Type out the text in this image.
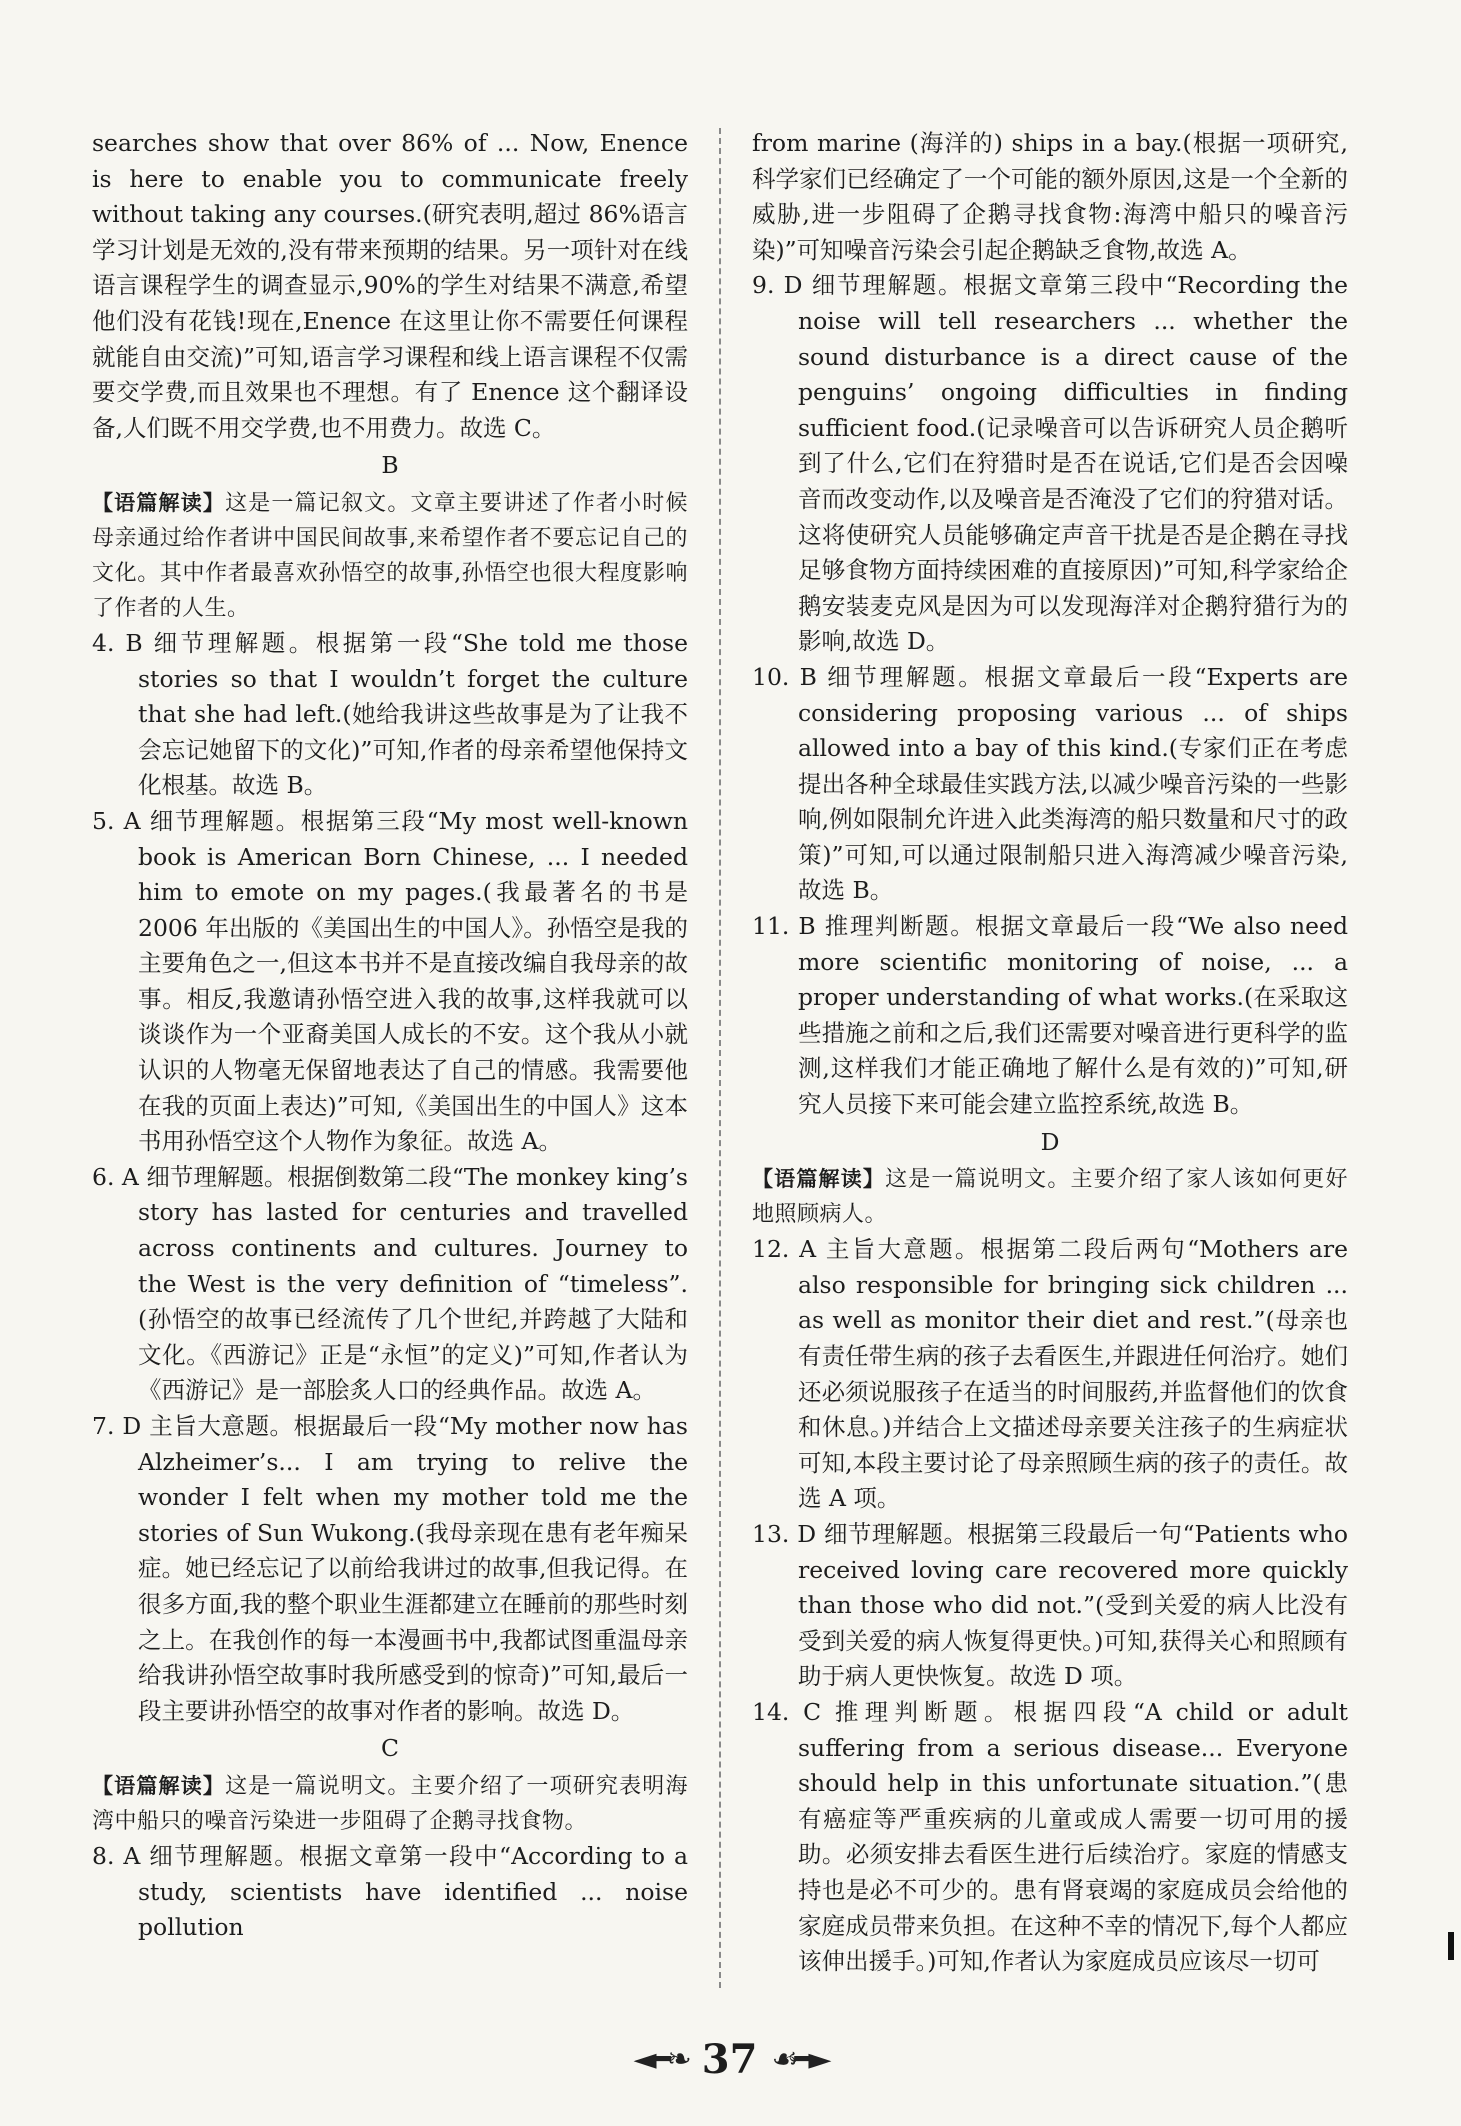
searches show that over 86% of ... Now, Enence is here to enable you to communicate freely without taking any courses.(研究表明,超过 86%语言学习计划是无效的,没有带来预期的结果。另一项针对在线语言课程学生的调查显示,90%的学生对结果不满意,希望他们没有花钱!现在,Enence 在这里让你不需要任何课程就能自由交流)”可知,语言学习课程和线上语言课程不仅需要交学费,而且效果也不理想。有了 Enence 这个翻译设备,人们既不用交学费,也不用费力。故选 C。

B

【语篇解读】这是一篇记叙文。文章主要讲述了作者小时候母亲通过给作者讲中国民间故事,来希望作者不要忘记自己的文化。其中作者最喜欢孙悟空的故事,孙悟空也很大程度影响了作者的人生。

4. B 细节理解题。根据第一段“She told me those stories so that I wouldn’t forget the culture that she had left.(她给我讲这些故事是为了让我不会忘记她留下的文化)”可知,作者的母亲希望他保持文化根基。故选 B。

5. A 细节理解题。根据第三段“My most well-known book is American Born Chinese, ... I needed him to emote on my pages.(我最著名的书是 2006 年出版的《美国出生的中国人》。孙悟空是我的主要角色之一,但这本书并不是直接改编自我母亲的故事。相反,我邀请孙悟空进入我的故事,这样我就可以谈谈作为一个亚裔美国人成长的不安。这个我从小就认识的人物毫无保留地表达了自己的情感。我需要他在我的页面上表达)”可知,《美国出生的中国人》这本书用孙悟空这个人物作为象征。故选 A。

6. A 细节理解题。根据倒数第二段“The monkey king’s story has lasted for centuries and travelled across continents and cultures. Journey to the West is the very definition of “timeless”.(孙悟空的故事已经流传了几个世纪,并跨越了大陆和文化。《西游记》正是“永恒”的定义)”可知,作者认为《西游记》是一部脍炙人口的经典作品。故选 A。

7. D 主旨大意题。根据最后一段“My mother now has Alzheimer’s... I am trying to relive the wonder I felt when my mother told me the stories of Sun Wukong.(我母亲现在患有老年痴呆症。她已经忘记了以前给我讲过的故事,但我记得。在很多方面,我的整个职业生涯都建立在睡前的那些时刻之上。在我创作的每一本漫画书中,我都试图重温母亲给我讲孙悟空故事时我所感受到的惊奇)”可知,最后一段主要讲孙悟空的故事对作者的影响。故选 D。

C

【语篇解读】这是一篇说明文。主要介绍了一项研究表明海湾中船只的噪音污染进一步阻碍了企鹅寻找食物。

8. A 细节理解题。根据文章第一段中“According to a study, scientists have identified ... noise pollution

from marine (海洋的) ships in a bay.(根据一项研究,科学家们已经确定了一个可能的额外原因,这是一个全新的威胁,进一步阻碍了企鹅寻找食物:海湾中船只的噪音污染)”可知噪音污染会引起企鹅缺乏食物,故选 A。

9. D 细节理解题。根据文章第三段中“Recording the noise will tell researchers ... whether the sound disturbance is a direct cause of the penguins’ ongoing difficulties in finding sufficient food.(记录噪音可以告诉研究人员企鹅听到了什么,它们在狩猎时是否在说话,它们是否会因噪音而改变动作,以及噪音是否淹没了它们的狩猎对话。这将使研究人员能够确定声音干扰是否是企鹅在寻找足够食物方面持续困难的直接原因)”可知,科学家给企鹅安装麦克风是因为可以发现海洋对企鹅狩猎行为的影响,故选 D。

10. B 细节理解题。根据文章最后一段“Experts are considering proposing various ... of ships allowed into a bay of this kind.(专家们正在考虑提出各种全球最佳实践方法,以减少噪音污染的一些影响,例如限制允许进入此类海湾的船只数量和尺寸的政策)”可知,可以通过限制船只进入海湾减少噪音污染,故选 B。

11. B 推理判断题。根据文章最后一段“We also need more scientific monitoring of noise, ... a proper understanding of what works.(在采取这些措施之前和之后,我们还需要对噪音进行更科学的监测,这样我们才能正确地了解什么是有效的)”可知,研究人员接下来可能会建立监控系统,故选 B。

D

【语篇解读】这是一篇说明文。主要介绍了家人该如何更好地照顾病人。

12. A 主旨大意题。根据第二段后两句“Mothers are also responsible for bringing sick children ... as well as monitor their diet and rest.”(母亲也有责任带生病的孩子去看医生,并跟进任何治疗。她们还必须说服孩子在适当的时间服药,并监督他们的饮食和休息。)并结合上文描述母亲要关注孩子的生病症状可知,本段主要讨论了母亲照顾生病的孩子的责任。故选 A 项。

13. D 细节理解题。根据第三段最后一句“Patients who received loving care recovered more quickly than those who did not.”(受到关爱的病人比没有受到关爱的病人恢复得更快。)可知,获得关心和照顾有助于病人更快恢复。故选 D 项。

14. C 推理判断题。根据四段“A child or adult suffering from a serious disease... Everyone should help in this unfortunate situation.”(患有癌症等严重疾病的儿童或成人需要一切可用的援助。必须安排去看医生进行后续治疗。家庭的情感支持也是必不可少的。患有肾衰竭的家庭成员会给他的家庭成员带来负担。在这种不幸的情况下,每个人都应该伸出援手。)可知,作者认为家庭成员应该尽一切可

◄━❧ 37 ☙━►
